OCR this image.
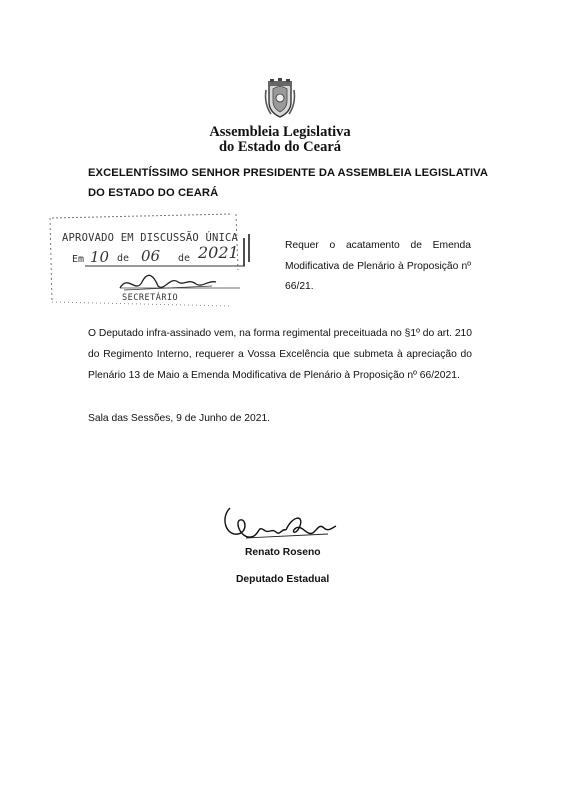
Assembleia Legislativa
do Estado do Ceará
EXCELENTÍSSIMO SENHOR PRESIDENTE DA ASSEMBLEIA LEGISLATIVA DO ESTADO DO CEARÁ
APROVADO EM DISCUSSÃO ÚNICA
Em 10 de 06 de 2021
SECRETÁRIO
Requer o acatamento de Emenda Modificativa de Plenário à Proposição nº 66/21.
O Deputado infra-assinado vem, na forma regimental preceituada no §1º do art. 210 do Regimento Interno, requerer a Vossa Excelência que submeta à apreciação do Plenário 13 de Maio a Emenda Modificativa de Plenário à Proposição nº 66/2021.
Sala das Sessões, 9 de Junho de 2021.
Renato Roseno
Deputado Estadual
